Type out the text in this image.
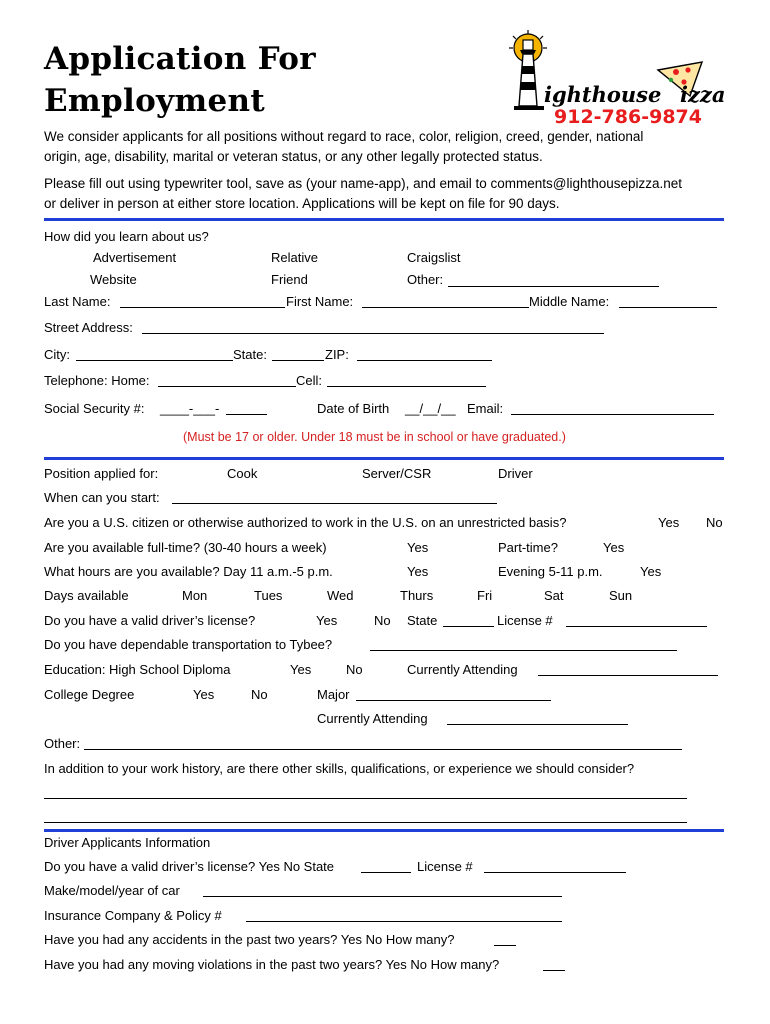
Application For
Employment	ighthouse izza
912-786-9874
We consider applicants for all positions without regard to race, color, religion, creed, gender, national
origin, age, disability, marital or veteran status, or any other legally protected status.
Please fill out using typewriter tool, save as (your name-app), and email to comments@lighthousepizza.net
or deliver in person at either store location. Applications will be kept on file for 90 days.
How did you learn about us?
Advertisement	Relative	Craigslist
Website	Friend	Other:
Last Name:	First Name:	Middle Name:
Street Address:
City:	State:	ZIP:
Telephone: Home:	Cell:
Social Security #: ____-___-	Date of Birth __/__/__ Email:
(Must be 17 or older. Under 18 must be in school or have graduated.)
Position applied for:	Cook	Server/CSR	Driver
When can you start:
Are you a U.S. citizen or otherwise authorized to work in the U.S. on an unrestricted basis?	Yes No
Are you available full-time? (30-40 hours a week)	Yes	Part-time?	Yes
What hours are you available? Day 11 a.m.-5 p.m.	Yes	Evening 5-11 p.m.	Yes
Days available	Mon	Tues	Wed	Thurs	Fri	Sat	Sun
Do you have a valid driver’s license?	Yes	No State	License #
Do you have dependable transportation to Tybee?
Education: High School Diploma	Yes	No	Currently Attending
College Degree	Yes	No	Major
Currently Attending
Other:
In addition to your work history, are there other skills, qualifications, or experience we should consider?
Driver Applicants Information
Do you have a valid driver’s license? Yes No State	License #
Make/model/year of car
Insurance Company & Policy #
Have you had any accidents in the past two years? Yes No How many?
Have you had any moving violations in the past two years? Yes No How many?
